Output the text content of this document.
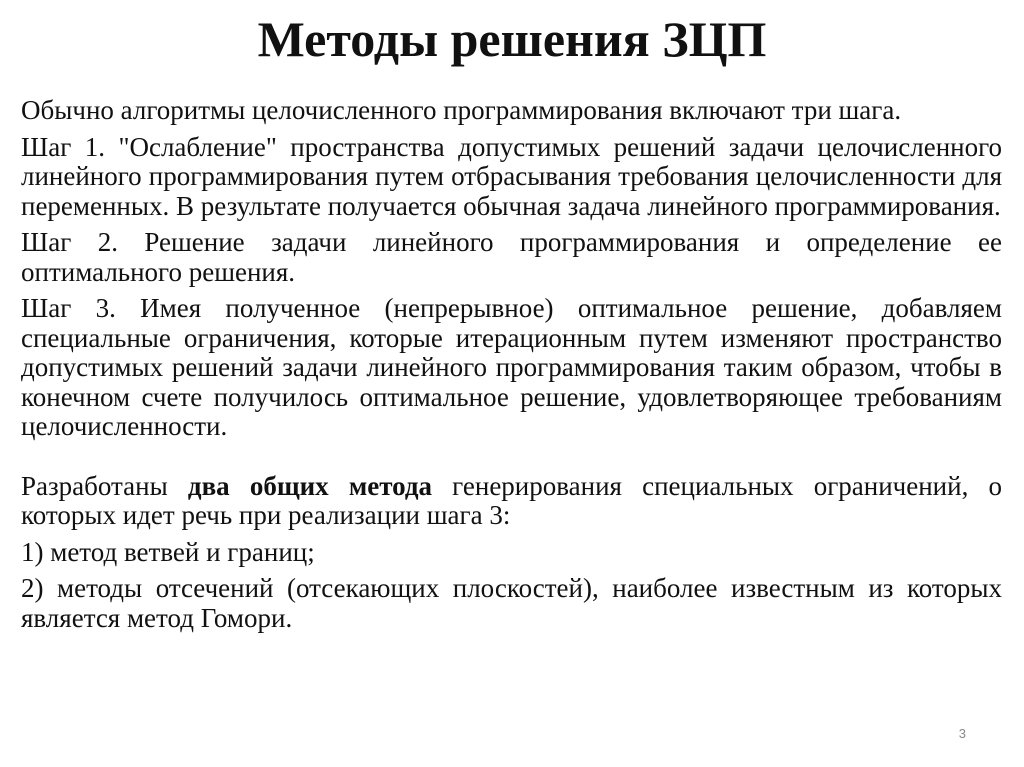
Методы решения ЗЦП

Обычно алгоритмы целочисленного программирования включают три шага.

Шаг 1. "Ослабление" пространства допустимых решений задачи целочисленного линейного программирования путем отбрасывания требования целочисленности для переменных. В результате получается обычная задача линейного программирования.

Шаг 2. Решение задачи линейного программирования и определение ее оптимального решения.

Шаг 3. Имея полученное (непрерывное) оптимальное решение, добавляем специальные ограничения, которые итерационным путем изменяют пространство допустимых решений задачи линейного программирования таким образом, чтобы в конечном счете получилось оптимальное решение, удовлетворяющее требованиям целочисленности.

Разработаны два общих метода генерирования специальных ограничений, о которых идет речь при реализации шага 3:

1) метод ветвей и границ;

2) методы отсечений (отсекающих плоскостей), наиболее известным из которых является метод Гомори.

3
